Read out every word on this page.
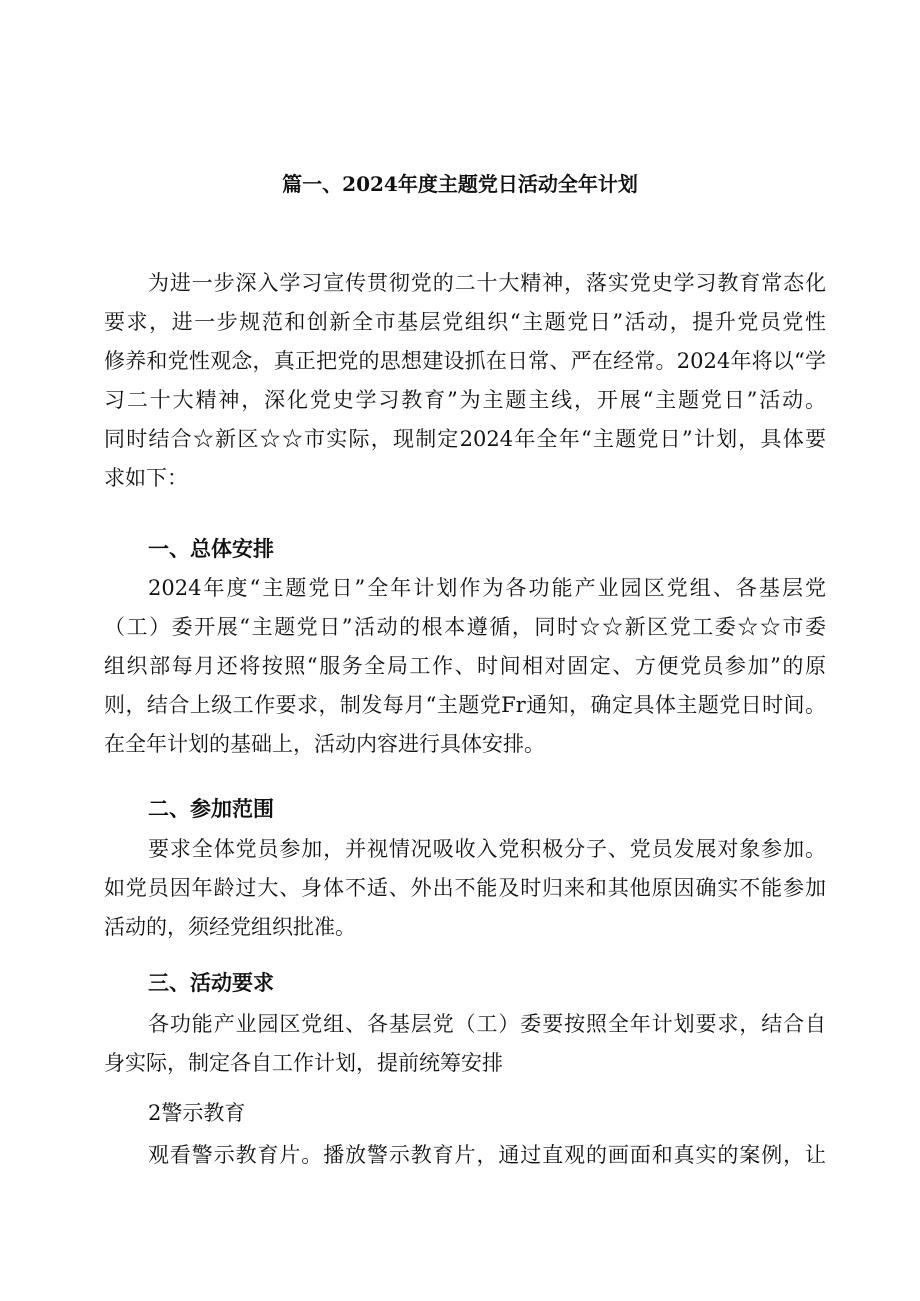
篇一、2024年度主题党日活动全年计划
为进一步深入学习宣传贯彻党的二十大精神，落实党史学习教育常态化
要求，进一步规范和创新全市基层党组织“主题党日”活动，提升党员党性
修养和党性观念，真正把党的思想建设抓在日常、严在经常。2024年将以“学
习二十大精神，深化党史学习教育”为主题主线，开展“主题党日”活动。
同时结合☆新区☆☆市实际，现制定2024年全年“主题党日”计划，具体要
求如下：
一、总体安排
2024年度“主题党日”全年计划作为各功能产业园区党组、各基层党
（工）委开展“主题党日”活动的根本遵循，同时☆☆新区党工委☆☆市委
组织部每月还将按照“服务全局工作、时间相对固定、方便党员参加”的原
则，结合上级工作要求，制发每月“主题党Fr通知，确定具体主题党日时间。
在全年计划的基础上，活动内容进行具体安排。
二、参加范围
要求全体党员参加，并视情况吸收入党积极分子、党员发展对象参加。
如党员因年龄过大、身体不适、外出不能及时归来和其他原因确实不能参加
活动的，须经党组织批准。
三、活动要求
各功能产业园区党组、各基层党（工）委要按照全年计划要求，结合自
身实际，制定各自工作计划，提前统筹安排
2警示教育
观看警示教育片。播放警示教育片，通过直观的画面和真实的案例，让
